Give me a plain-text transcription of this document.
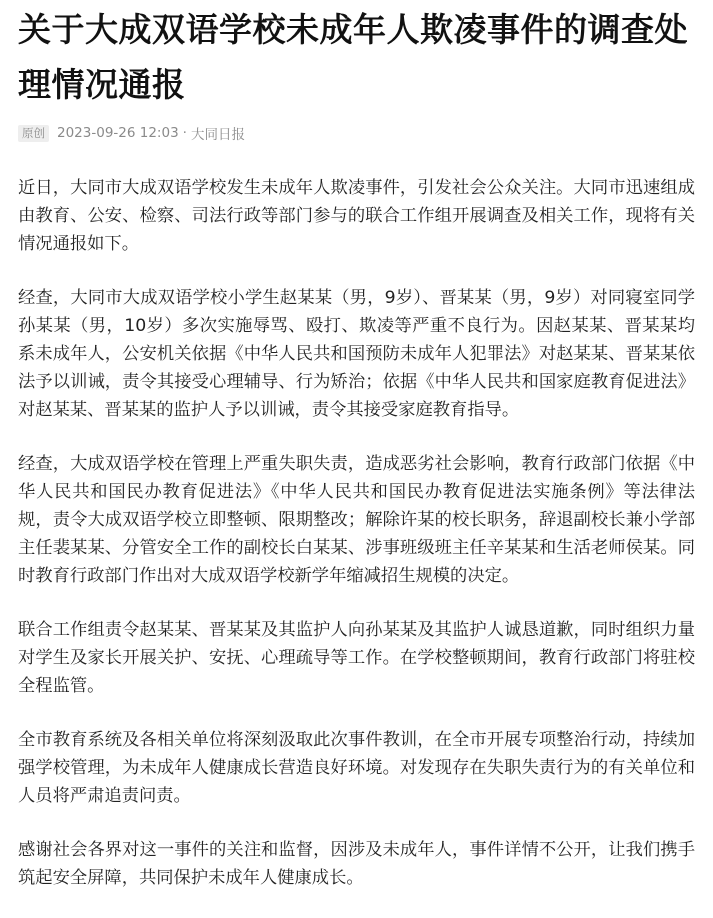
关于大成双语学校未成年人欺凌事件的调查处理情况通报
原创 2023-09-26 12:03 · 大同日报

近日，大同市大成双语学校发生未成年人欺凌事件，引发社会公众关注。大同市迅速组成由教育、公安、检察、司法行政等部门参与的联合工作组开展调查及相关工作，现将有关情况通报如下。

经查，大同市大成双语学校小学生赵某某（男，9岁）、晋某某（男，9岁）对同寝室同学孙某某（男，10岁）多次实施辱骂、殴打、欺凌等严重不良行为。因赵某某、晋某某均系未成年人，公安机关依据《中华人民共和国预防未成年人犯罪法》对赵某某、晋某某依法予以训诫，责令其接受心理辅导、行为矫治；依据《中华人民共和国家庭教育促进法》对赵某某、晋某某的监护人予以训诫，责令其接受家庭教育指导。

经查，大成双语学校在管理上严重失职失责，造成恶劣社会影响，教育行政部门依据《中华人民共和国民办教育促进法》《中华人民共和国民办教育促进法实施条例》等法律法规，责令大成双语学校立即整顿、限期整改；解除许某的校长职务，辞退副校长兼小学部主任裴某某、分管安全工作的副校长白某某、涉事班级班主任辛某某和生活老师侯某。同时教育行政部门作出对大成双语学校新学年缩减招生规模的决定。

联合工作组责令赵某某、晋某某及其监护人向孙某某及其监护人诚恳道歉，同时组织力量对学生及家长开展关护、安抚、心理疏导等工作。在学校整顿期间，教育行政部门将驻校全程监管。

全市教育系统及各相关单位将深刻汲取此次事件教训，在全市开展专项整治行动，持续加强学校管理，为未成年人健康成长营造良好环境。对发现存在失职失责行为的有关单位和人员将严肃追责问责。

感谢社会各界对这一事件的关注和监督，因涉及未成年人，事件详情不公开，让我们携手筑起安全屏障，共同保护未成年人健康成长。
